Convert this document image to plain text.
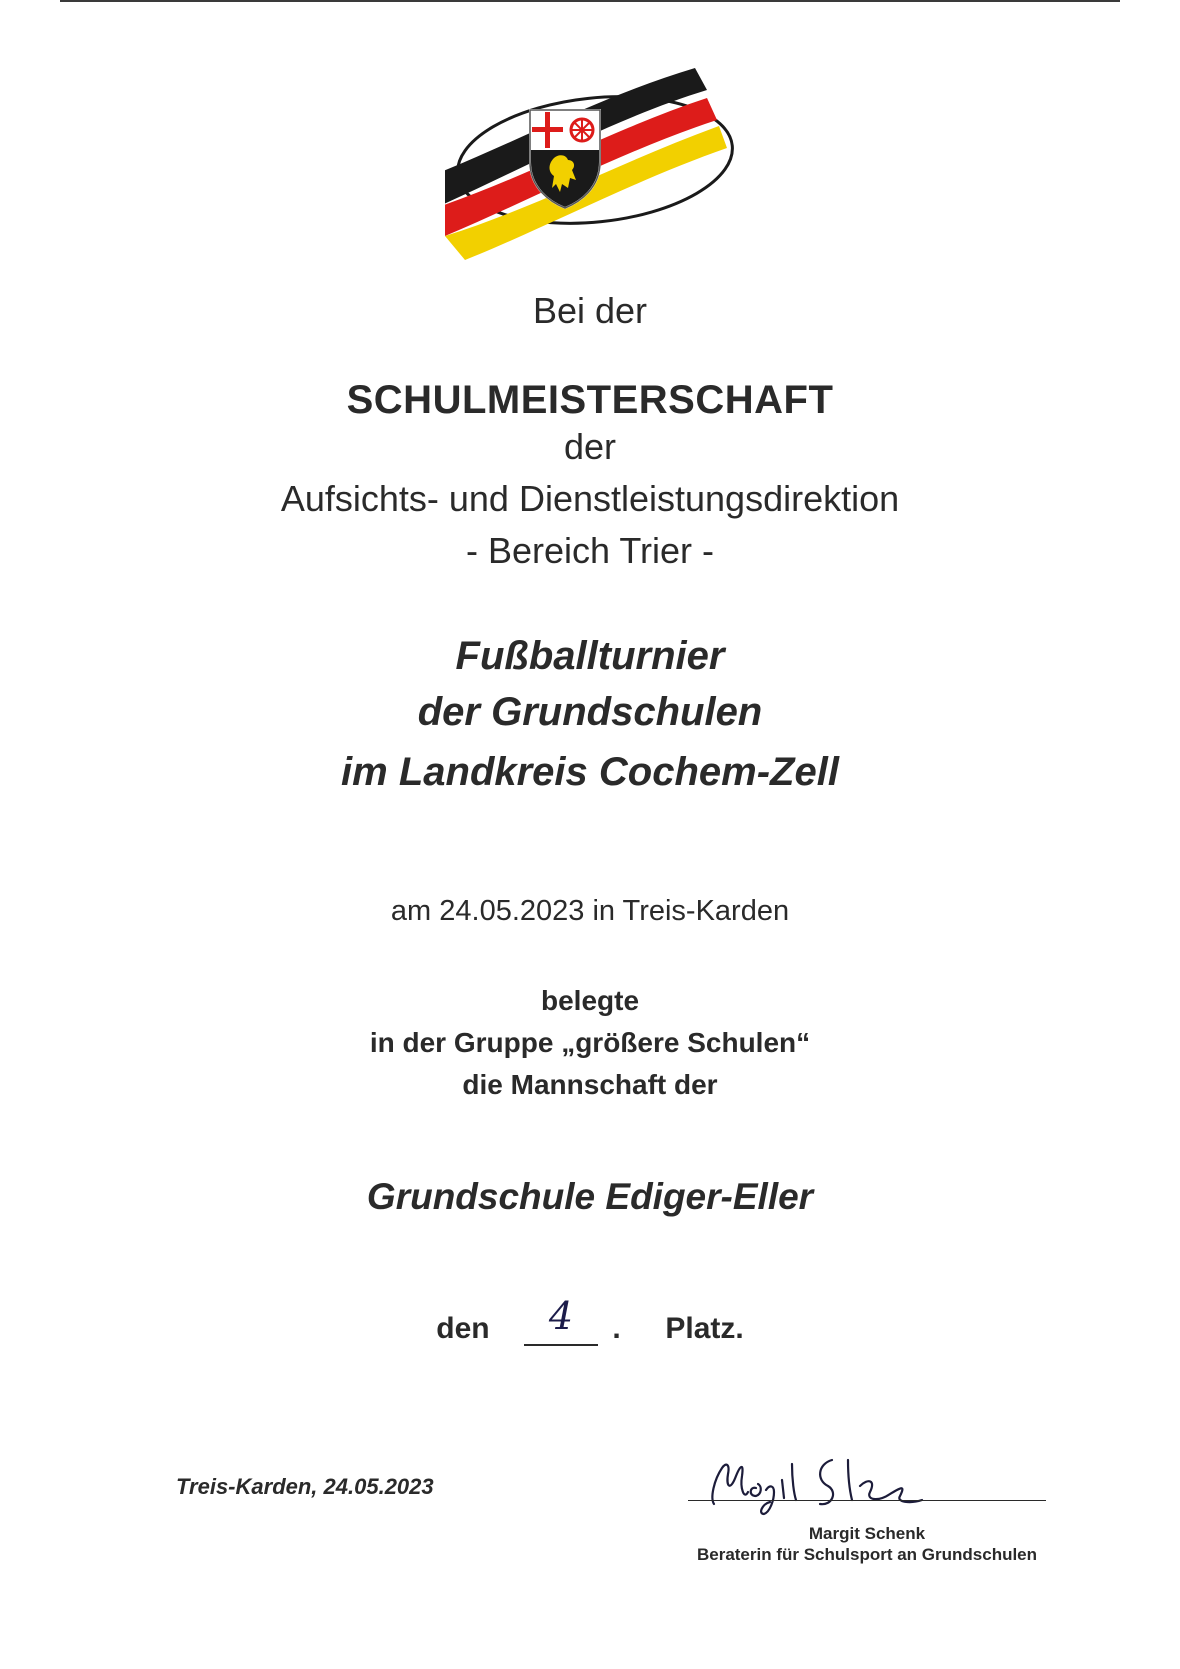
Bei der

SCHULMEISTERSCHAFT

der

Aufsichts- und Dienstleistungsdirektion

- Bereich Trier -

Fußballturnier

der Grundschulen

im Landkreis Cochem-Zell

am 24.05.2023 in Treis-Karden

belegte

in der Gruppe „größere Schulen“

die Mannschaft der

Grundschule Ediger-Eller

den	4	. Platz.
Treis-Karden, 24.05.2023
Margit Schenk
Beraterin für Schulsport an Grundschulen
